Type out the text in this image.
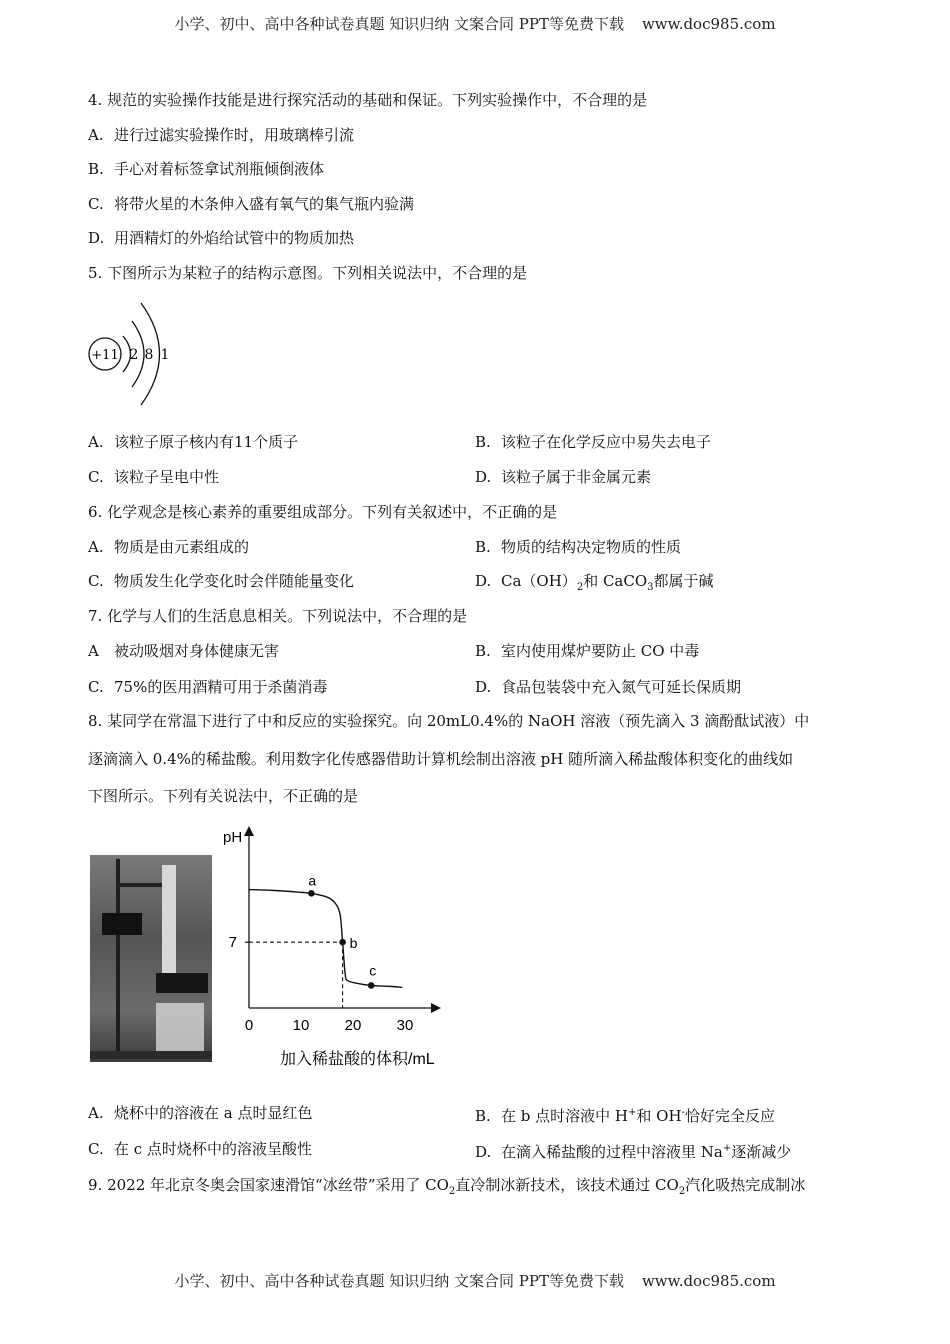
小学、初中、高中各种试卷真题 知识归纳 文案合同 PPT等免费下载 www.doc985.com
4. 规范的实验操作技能是进行探究活动的基础和保证。下列实验操作中，不合理的是
A. 进行过滤实验操作时，用玻璃棒引流
B. 手心对着标签拿试剂瓶倾倒液体
C. 将带火星的木条伸入盛有氧气的集气瓶内验满
D. 用酒精灯的外焰给试管中的物质加热
5. 下图所示为某粒子的结构示意图。下列相关说法中，不合理的是
+11 2 8 1
A. 该粒子原子核内有11个质子	B. 该粒子在化学反应中易失去电子
C. 该粒子呈电中性	D. 该粒子属于非金属元素
6. 化学观念是核心素养的重要组成部分。下列有关叙述中，不正确的是
A. 物质是由元素组成的	B. 物质的结构决定物质的性质
C. 物质发生化学变化时会伴随能量变化	D. $Ca(OH)_2$和 CaCO$_3$都属于碱
7. 化学与人们的生活息息相关。下列说法中，不合理的是
A 被动吸烟对身体健康无害	B. 室内使用煤炉要防止 CO 中毒
C. 75%的医用酒精可用于杀菌消毒	D. 食品包装袋中充入氮气可延长保质期
8. 某同学在常温下进行了中和反应的实验探究。向 20mL0.4%的 NaOH 溶液（预先滴入 3 滴酚酞试液）中
逐滴滴入 0.4%的稀盐酸。利用数字化传感器借助计算机绘制出溶液 pH 随所滴入稀盐酸体积变化的曲线如
下图所示。下列有关说法中，不正确的是
pH
加入稀盐酸的体积/mL
0	10 20 30
7
a
b
c
A. 烧杯中的溶液在 a 点时显红色	B. 在 b 点时溶液中 H+和 OH-恰好完全反应
C. 在 c 点时烧杯中的溶液呈酸性	D. 在滴入稀盐酸的过程中溶液里 Na+逐渐减少
9. 2022 年北京冬奥会国家速滑馆“冰丝带”采用了 $CO_2$直冷制冰新技术，该技术通过 $CO_2$汽化吸热完成制冰
小学、初中、高中各种试卷真题 知识归纳 文案合同 PPT等免费下载 www.doc985.com
